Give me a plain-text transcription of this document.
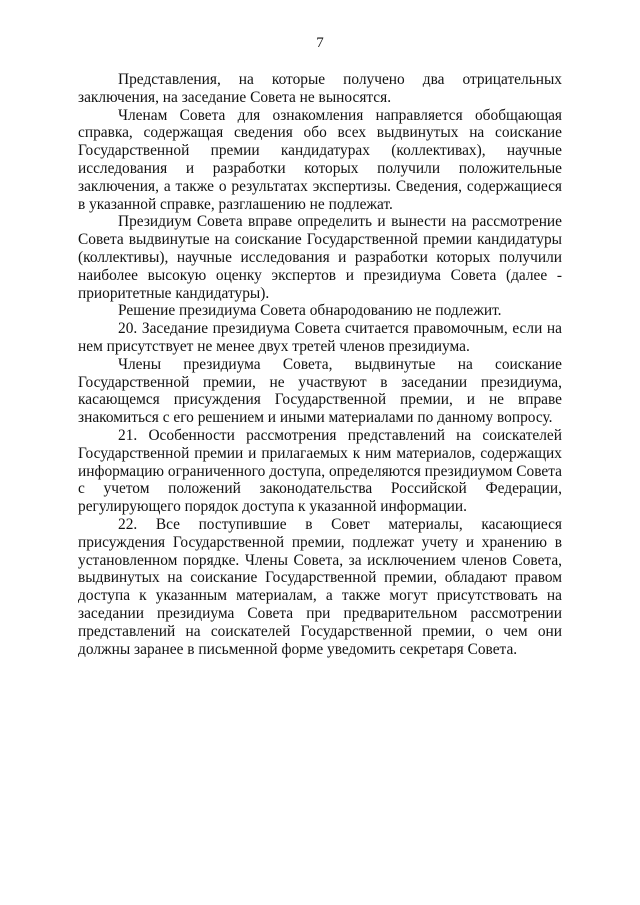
7

Представления, на которые получено два отрицательных заключения, на заседание Совета не выносятся.

Членам Совета для ознакомления направляется обобщающая справка, содержащая сведения обо всех выдвинутых на соискание Государственной премии кандидатурах (коллективах), научные исследования и разработки которых получили положительные заключения, а также о результатах экспертизы. Сведения, содержащиеся в указанной справке, разглашению не подлежат.

Президиум Совета вправе определить и вынести на рассмотрение Совета выдвинутые на соискание Государственной премии кандидатуры (коллективы), научные исследования и разработки которых получили наиболее высокую оценку экспертов и президиума Совета (далее - приоритетные кандидатуры).

Решение президиума Совета обнародованию не подлежит.

20. Заседание президиума Совета считается правомочным, если на нем присутствует не менее двух третей членов президиума.

Члены президиума Совета, выдвинутые на соискание Государственной премии, не участвуют в заседании президиума, касающемся присуждения Государственной премии, и не вправе знакомиться с его решением и иными материалами по данному вопросу.

21. Особенности рассмотрения представлений на соискателей Государственной премии и прилагаемых к ним материалов, содержащих информацию ограниченного доступа, определяются президиумом Совета с учетом положений законодательства Российской Федерации, регулирующего порядок доступа к указанной информации.

22. Все поступившие в Совет материалы, касающиеся присуждения Государственной премии, подлежат учету и хранению в установленном порядке. Члены Совета, за исключением членов Совета, выдвинутых на соискание Государственной премии, обладают правом доступа к указанным материалам, а также могут присутствовать на заседании президиума Совета при предварительном рассмотрении представлений на соискателей Государственной премии, о чем они должны заранее в письменной форме уведомить секретаря Совета.
